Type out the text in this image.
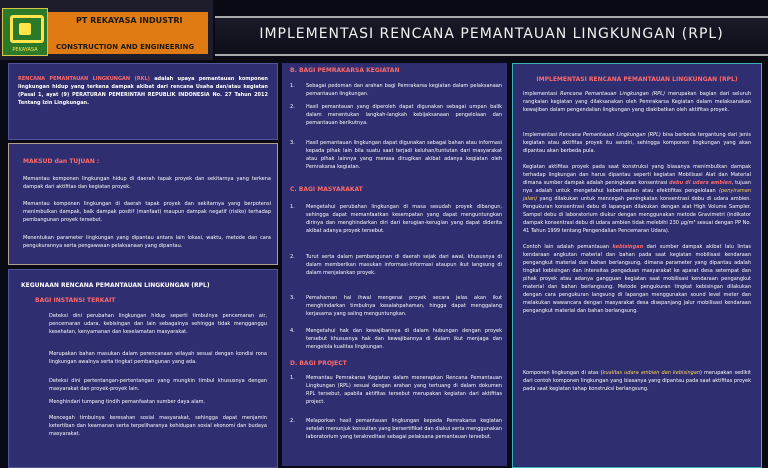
PEKAYASA
PT REKAYASA INDUSTRI
CONSTRUCTION AND ENGINEERING
IMPLEMENTASI RENCANA PEMANTAUAN LINGKUNGAN (RPL)
RENCANA PEMANTAUAN LINGKUNGAN (RKL) adalah upaya pemantauan komponen lingkungan hidup yang terkena dampak akibat dari rencana Usaha dan/atau kegiatan (Pasal 1, ayat (9) PERATURAN PEMERINTAH REPUBLIK INDONESIA No. 27 Tahun 2012 Tentang Izin Lingkungan.
MAKSUD dan TUJUAN :
Memantau komponen lingkungan hidup di daerah tapak proyek dan sekitarnya yang terkena dampak dari aktifitas dan kegiatan proyek.
Memantau komponen lingkungan di daerah tapak proyek dan sekitarnya yang berpotensi menimbulkan dampak, baik dampak positif (manfaat) maupun dampak negatif (risiko) terhadap pembangunan proyek tersebut.
Menentukan parameter lingkungan yang dipantau antara lain lokasi, waktu, metode dan cara pengukurannya serta pengawasan pelaksanaan yang dipantau.
KEGUNAAN RENCANA PEMANTAUAN LINGKUNGAN (RPL)
BAGI INSTANSI TERKAIT
Deteksi dini perubahan lingkungan hidup seperti timbulnya pencemaran air, pencemaran udara, kebisingan dan lain sebagainya sehingga tidak mengganggu kesehatan, kenyamanan dan keselamatan masyarakat.
Merupakan bahan masukan dalam perencanaan wilayah sesuai dengan kondisi rona lingkungan awalnya serta tingkat pembangunan yang ada.
Deteksi dini pertentangan-pertentangan yang mungkin timbul khususnya dengan masyarakat dan proyek-proyek lain.
Menghindari tumpang tindih pemanfaatan sumber daya alam.
Mencegah timbulnya keresahan sosial masyarakat, sehingga dapat menjamin ketertiban dan keamanan serta terpeliharanya kehidupan sosial ekonomi dan budaya masyarakat.
B. BAGI PEMRAKARSA KEGIATAN
1.	Sebagai pedoman dan arahan bagi Pemrakarsa kegiatan dalam pelaksanaan pemantauan lingkungan.
2.	Hasil pemantauan yang diperoleh dapat digunakan sebagai umpan balik dalam menentukan langkah-langkah kebijaksanaan pengelolaan dan pemantauan berikutnya.
3.	Hasil pemantauan lingkungan dapat digunakan sebagai bahan atau informasi kepada pihak lain bila suatu saat terjadi keluhan/tuntutan dari masyarakat atau pihak lainnya yang merasa dirugikan akibat adanya kegiatan oleh Pemrakarsa kegiatan.
C. BAGI MASYARAKAT
1.	Mengetahui perubahan lingkungan di masa sesudah proyek dibangun, sehingga dapat memanfaatkan kesempatan yang dapat menguntungkan dirinya dan menghindarkan diri dari kerugian-kerugian yang dapat diderita akibat adanya proyek tersebut.
2.	Turut serta dalam pembangunan di daerah sejak dari awal, khususnya di dalam memberikan masukan informasi-informasi ataupun ikut langsung di dalam menjalankan proyek.
3.	Pemahaman hal ihwal mengenai proyek secara jelas akan ikut menghindarkan timbulnya kesalahpahaman, hingga dapat menggalang kerjasama yang saling menguntungkan.
4.	Mengetahui hak dan kewajibannya di dalam hubungan dengan proyek tersebut khususnya hak dan kewajibannya di dalam ikut menjaga dan mengelola kualitas lingkungan.
D. BAGI PROJECT
1.	Memantau Pemrakarsa Kegiatan dalam menerapkan Rencana Pemantauan Lingkungan (RPL) sesuai dengan arahan yang tertuang di dalam dokumen RPL tersebut, apabila aktifitas tersebut merupakan kegiatan dari aktifitas project.
2.	Melaporkan hasil pemantauan lingkungan kepada Pemrakarsa kegiatan setelah menunjuk konsultan yang bersertifikat dan diakui serta menggunakan laboratorium yang terakreditasi sebagai pelaksana pemantauan tersebut.
IMPLEMENTASI RENCANA PEMANTAUAN LINGKUNGAN (RPL)
Implementasi Rencana Pemantauan Lingkungan (RPL) merupakan bagian dari seluruh rangkaian kegiatan yang dilaksanakan oleh Pemrakarsa Kegiatan dalam melaksanakan kewajiban dalam pengendalian lingkungan yang diakibatkan oleh aktifitas proyek.
Implementasi Rencana Pemantauan Lingkungan (RPL) bisa berbeda tergantung dari jenis kegiatan atau aktifitas proyek itu sendiri, sehingga komponen lingkungan yang akan dipantau akan berbeda pula.
Kegiatan aktifitas proyek pada saat konstruksi yang biasanya menimbulkan dampak terhadap lingkungan dan harus dipantau seperti kegiatan Mobilisasi Alat dan Material dimana sumber dampak adalah peningkatan konsentrasi debu di udara ambien, tujuan nya adalah untuk mengetahui keberhasilan atau efektifitas pengelolaan (penyiraman jalan) yang dilakukan untuk mencegah peningkatan konsentrasi debu di udara ambien. Pengukuran konsentrasi debu di lapangan dilakukan dengan alat High Volume Sampler. Sampel debu di laboratorium diukur dengan menggunakan metode Gravimetri (indikator dampak konsentrasi debu di udara ambien tidak melebihi 230 µg/m³ sesuai dengan PP No. 41 Tahun 1999 tentang Pengendalian Pencemaran Udara).
Contoh lain adalah pemantauan kebisingan dari sumber dampak akibat lalu lintas kendaraan angkutan material dan bahan pada saat kegiatan mobilisasi kendaraan pengangkut material dan bahan berlangsung, dimana parameter yang dipantau adalah tingkat kebisingan dan intensitas pengaduan masyarakat ke aparat desa setempat dan pihak proyek atau adanya gangguan kegiatan saat mobilisasi kendaraan pengangkut material dan bahan berlangsung. Metode pengukuran tingkat kebisingan dilakukan dengan cara pengukuran langsung di lapangan menggunakan sound level meter dan melakukan wawancara dengan masyarakat desa disepanjang jalur mobilisasi kendaraan pengangkut material dan bahan berlangsung.
Komponen lingkungan di atas (kualitas udara ambien dan kebisingan) merupakan sedikit dari contoh komponen lingkungan yang biasanya yang dipantau pada saat aktifitas proyek pada saat kegiatan tahap konstruksi berlangsung.
